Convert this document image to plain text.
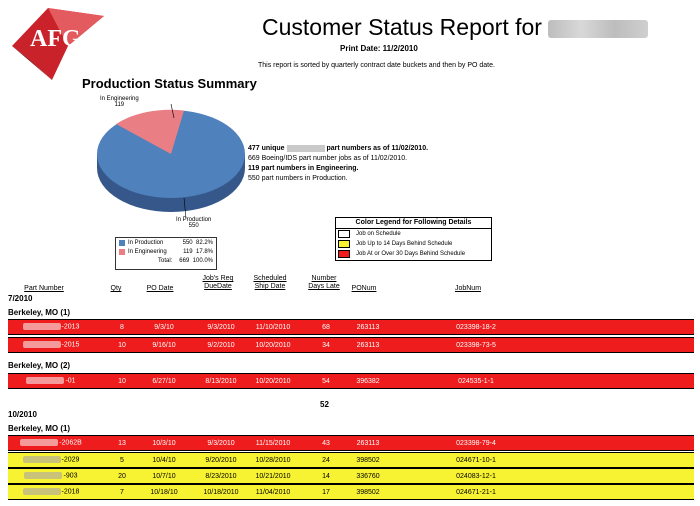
AFG	Customer Status Report for
Print Date: 11/2/2010
This report is sorted by quarterly contract date buckets and then by PO date.
Production Status Summary
In Engineering
119
In Production
550
In Production	550 82.2%
In Engineering	119 17.8%
Total: 669 100.0%
477 unique	part numbers as of 11/02/2010.
669 Boeing/IDS part number jobs as of 11/02/2010.
119 part numbers in Engineering.
550 part numbers in Production.
Color Legend for Following Details
Job on Schedule
Job Up to 14 Days Behind Schedule
Job At or Over 30 Days Behind Schedule
Part Number	Qty	PO Date
Job's Req
DueDate
Scheduled
Ship Date
Number
Days Late	PONum	JobNum
7/2010
Berkeley, MO (1)
-2013	8	9/3/10	9/3/2010	11/10/2010	68	263113	023398-18-2
-2015	10	9/16/10	9/2/2010	10/20/2010	34	263113	023398-73-5
Berkeley, MO (2)
-01	10	6/27/10	8/13/2010	10/20/2010	54	396382	024535-1-1
52
10/2010
Berkeley, MO (1)
-2062B	13	10/3/10	9/3/2010	11/15/2010	43	263113	023398-79-4
-2029	5	10/4/10	9/20/2010	10/28/2010	24	398502	024671-10-1
-903	20	10/7/10	8/23/2010	10/21/2010	14	336760	024083-12-1
-2018	7	10/18/10	10/18/2010	11/04/2010	17	398502	024671-21-1
